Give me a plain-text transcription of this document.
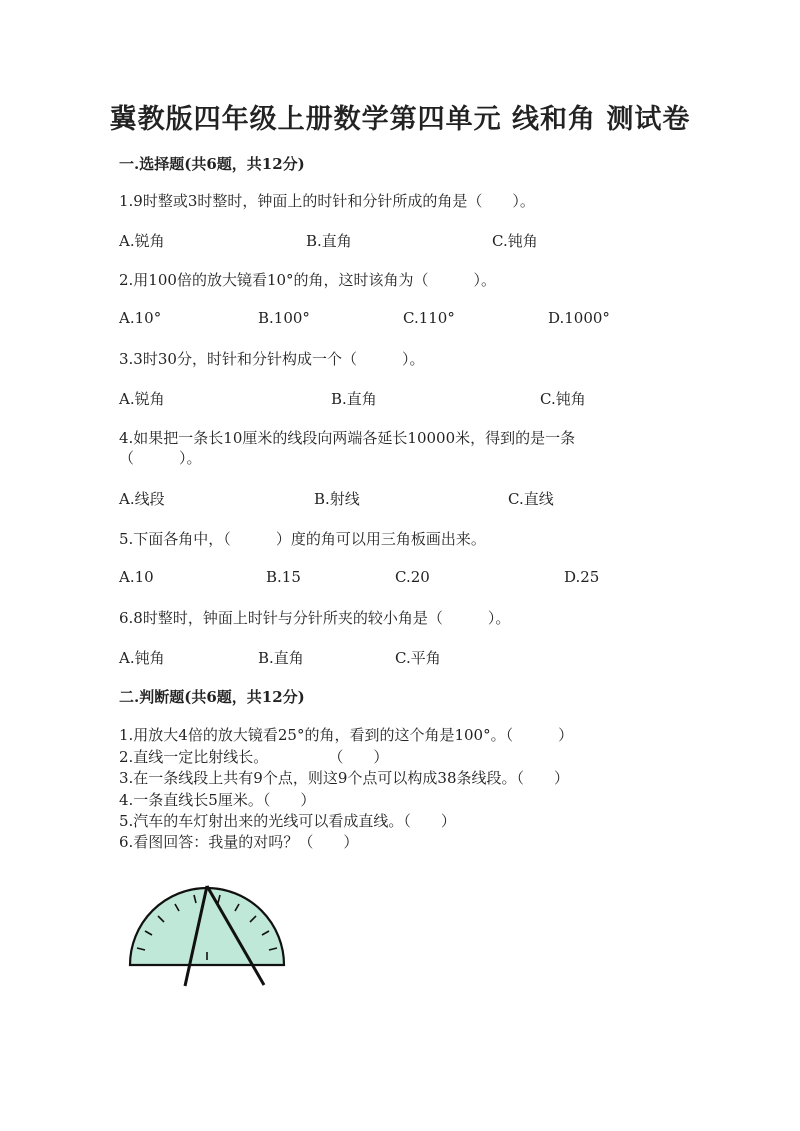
冀教版四年级上册数学第四单元 线和角 测试卷
一.选择题(共6题，共12分)
1.9时整或3时整时，钟面上的时针和分针所成的角是（　　）。
A.锐角	B.直角	C.钝角
2.用100倍的放大镜看10°的角，这时该角为（　　　）。
A.10°	B.100°	C.110°	D.1000°
3.3时30分，时针和分针构成一个（　　　）。
A.锐角	B.直角	C.钝角
4.如果把一条长10厘米的线段向两端各延长10000米，得到的是一条
（　　　）。
A.线段	B.射线	C.直线
5.下面各角中，（　　　）度的角可以用三角板画出来。
A.10	B.15	C.20	D.25
6.8时整时，钟面上时针与分针所夹的较小角是（　　　）。
A.钝角	B.直角	C.平角
二.判断题(共6题，共12分)
1.用放大4倍的放大镜看25°的角，看到的这个角是100°。（　　　）
2.直线一定比射线长。　　　　　（　　）
3.在一条线段上共有9个点，则这9个点可以构成38条线段。（　　）
4.一条直线长5厘米。（　　）
5.汽车的车灯射出来的光线可以看成直线。（　　）
6.看图回答：我量的对吗？（　　）
